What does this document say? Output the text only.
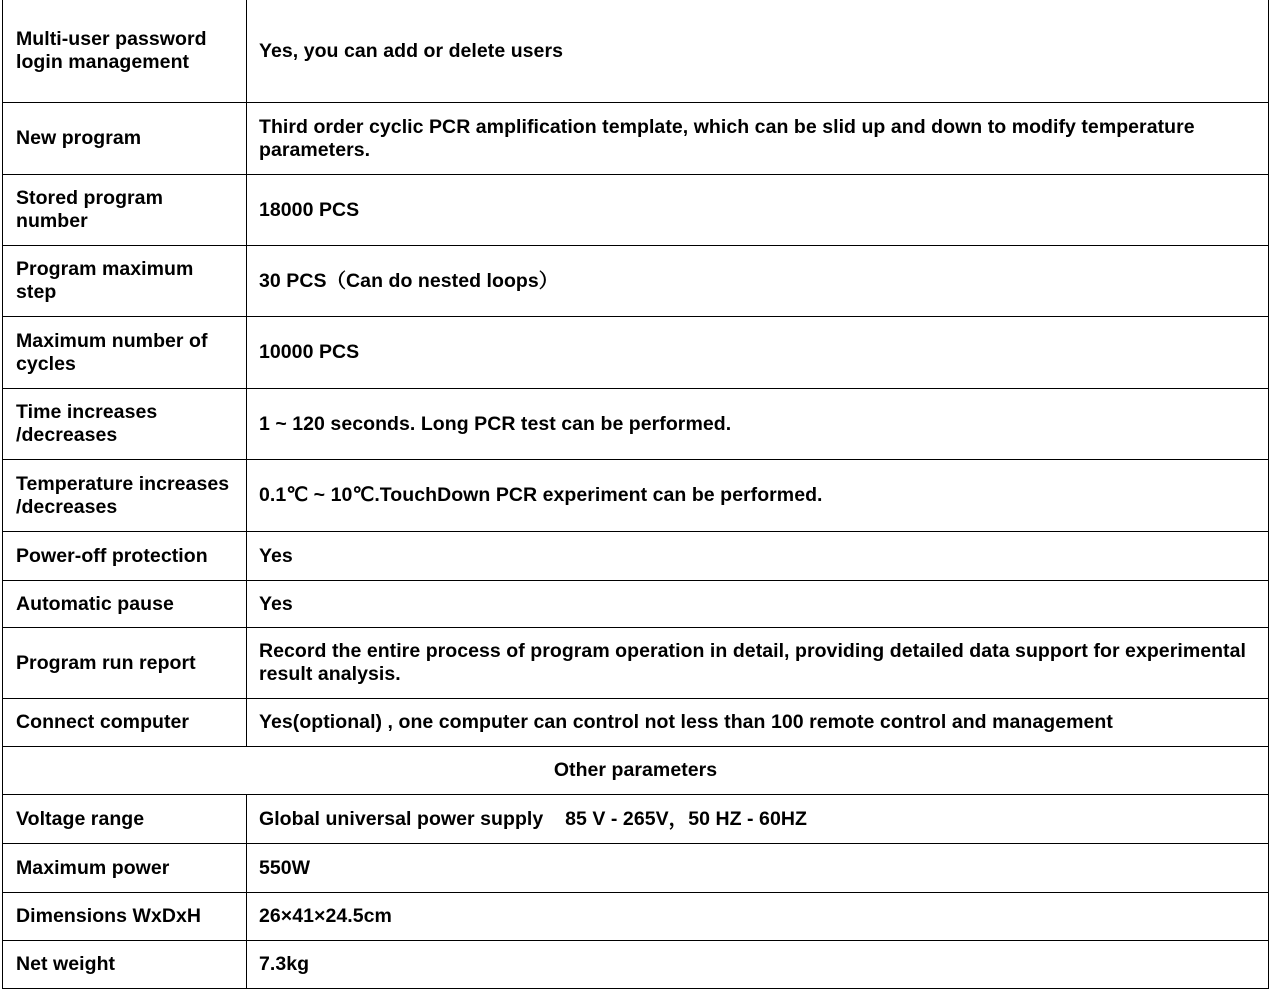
Multi-user password login management	Yes, you can add or delete users
New program	Third order cyclic PCR amplification template, which can be slid up and down to modify temperature parameters.
Stored program number	18000 PCS
Program maximum step	30 PCS（Can do nested loops）
Maximum number of cycles	10000 PCS
Time increases /decreases	1 ~ 120 seconds. Long PCR test can be performed.
Temperature increases /decreases	0.1℃ ~ 10℃.TouchDown PCR experiment can be performed.
Power-off protection	Yes
Automatic pause	Yes
Program run report	Record the entire process of program operation in detail, providing detailed data support for experimental result analysis.
Connect computer	Yes(optional) , one computer can control not less than 100 remote control and management
Other parameters	
Voltage range	Global universal power supply    85 V - 265V，50 HZ - 60HZ
Maximum power	550W
Dimensions WxDxH	26×41×24.5cm
Net weight	7.3kg
